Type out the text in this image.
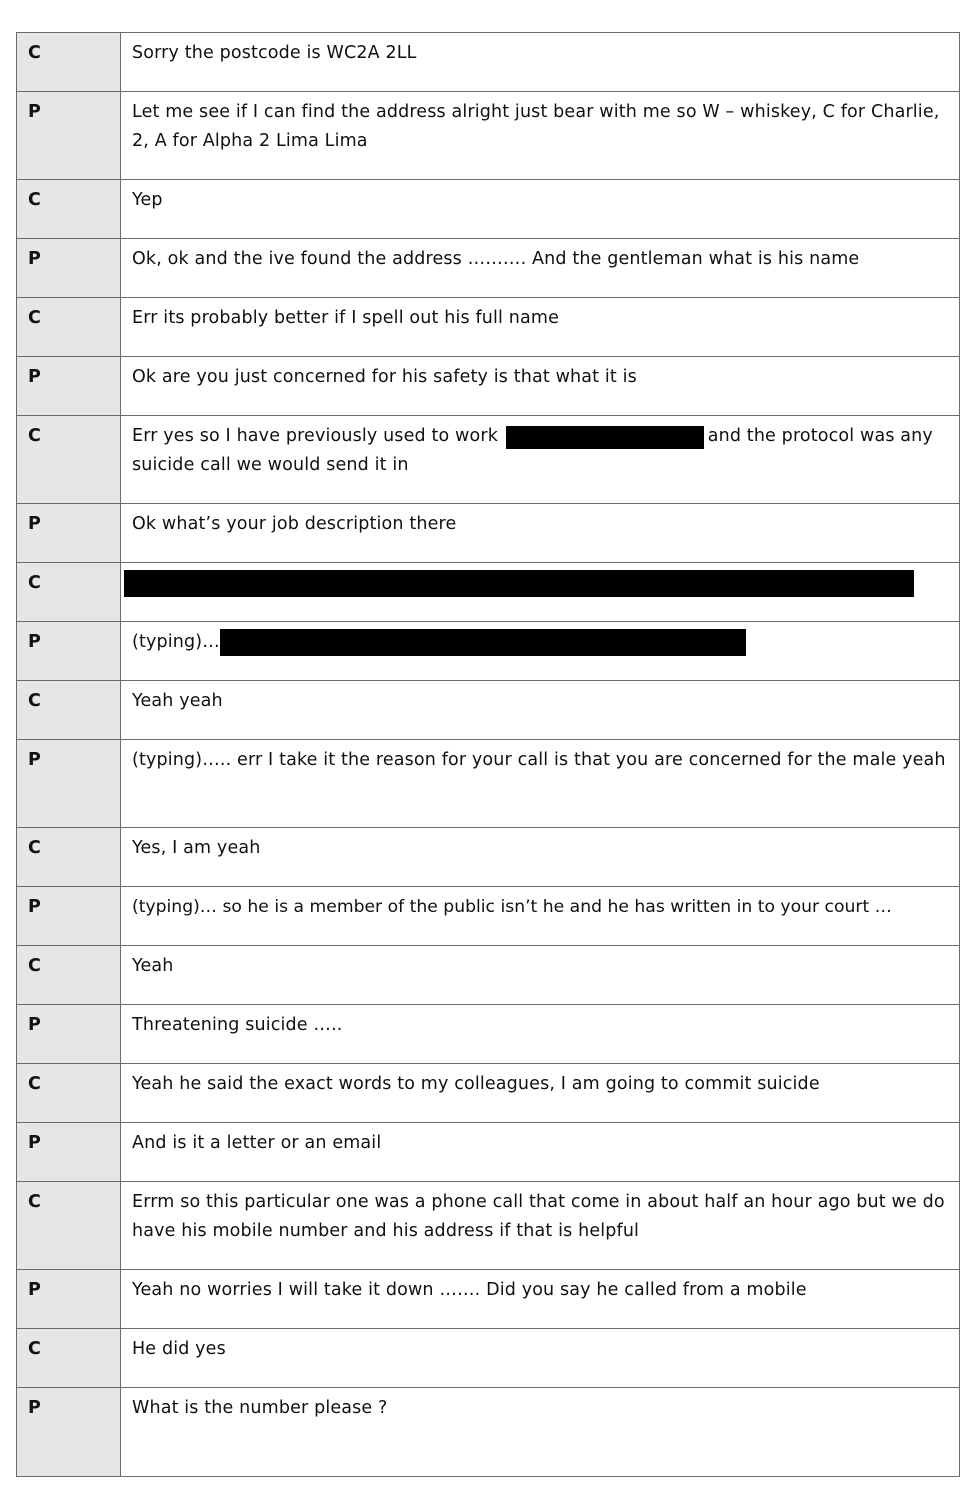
C	Sorry the postcode is WC2A 2LL
P	Let me see if I can find the address alright just bear with me so W – whiskey, C for Charlie, 2, A for Alpha 2 Lima Lima
C	Yep
P	Ok, ok and the ive found the address ………. And the gentleman what is his name
C	Err its probably better if I spell out his full name
P	Ok are you just concerned for his safety is that what it is
C	Err yes so I have previously used to work and the protocol was any suicide call we would send it in
P	Ok what’s your job description there
C	
P	(typing)…
C	Yeah yeah
P	(typing)….. err I take it the reason for your call is that you are concerned for the male yeah
C	Yes, I am yeah
P	(typing)… so he is a member of the public isn’t he and he has written in to your court …
C	Yeah
P	Threatening suicide …..
C	Yeah he said the exact words to my colleagues, I am going to commit suicide
P	And is it a letter or an email
C	Errm so this particular one was a phone call that come in about half an hour ago but we do have his mobile number and his address if that is helpful
P	Yeah no worries I will take it down ……. Did you say he called from a mobile
C	He did yes
P	What is the number please ?
